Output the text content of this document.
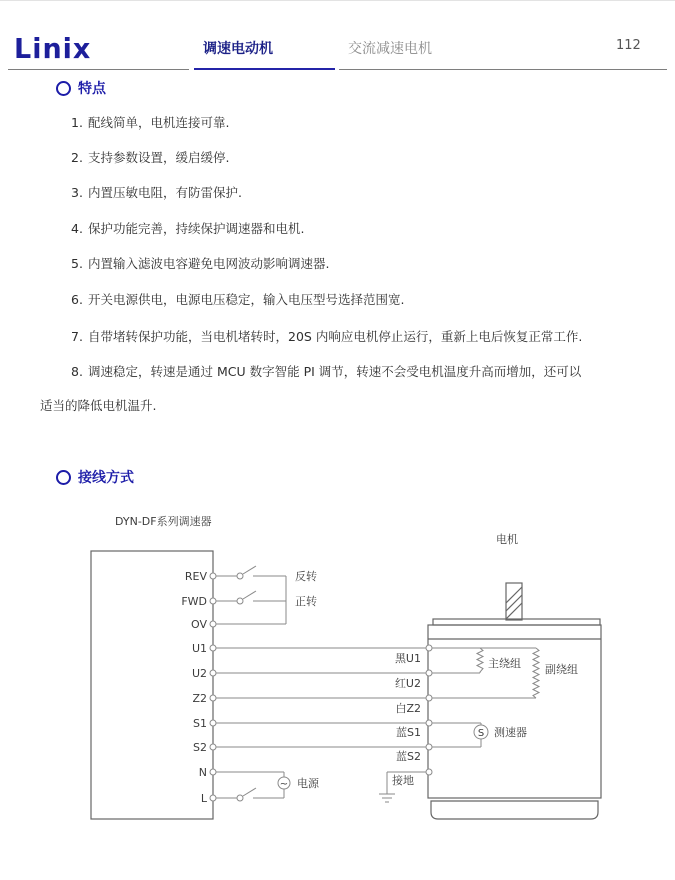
Linix	调速电动机	交流减速电机	112
特点
1. 配线简单，电机连接可靠.
2. 支持参数设置，缓启缓停.
3. 内置压敏电阻，有防雷保护.
4. 保护功能完善，持续保护调速器和电机.
5. 内置输入滤波电容避免电网波动影响调速器.
6. 开关电源供电，电源电压稳定，输入电压型号选择范围宽.
7. 自带堵转保护功能，当电机堵转时，20S 内响应电机停止运行，重新上电后恢复正常工作.
8. 调速稳定，转速是通过 MCU 数字智能 PI 调节，转速不会受电机温度升高而增加，还可以
适当的降低电机温升.
接线方式
DYN-DF系列调速器
电机
REV
FWD
OV
U1
U2
Z2
S1
S2
N
L
反转
正转
~ 电源
S 测速器
主绕组 副绕组
黑U1
红U2
白Z2
蓝S1
蓝S2
接地
